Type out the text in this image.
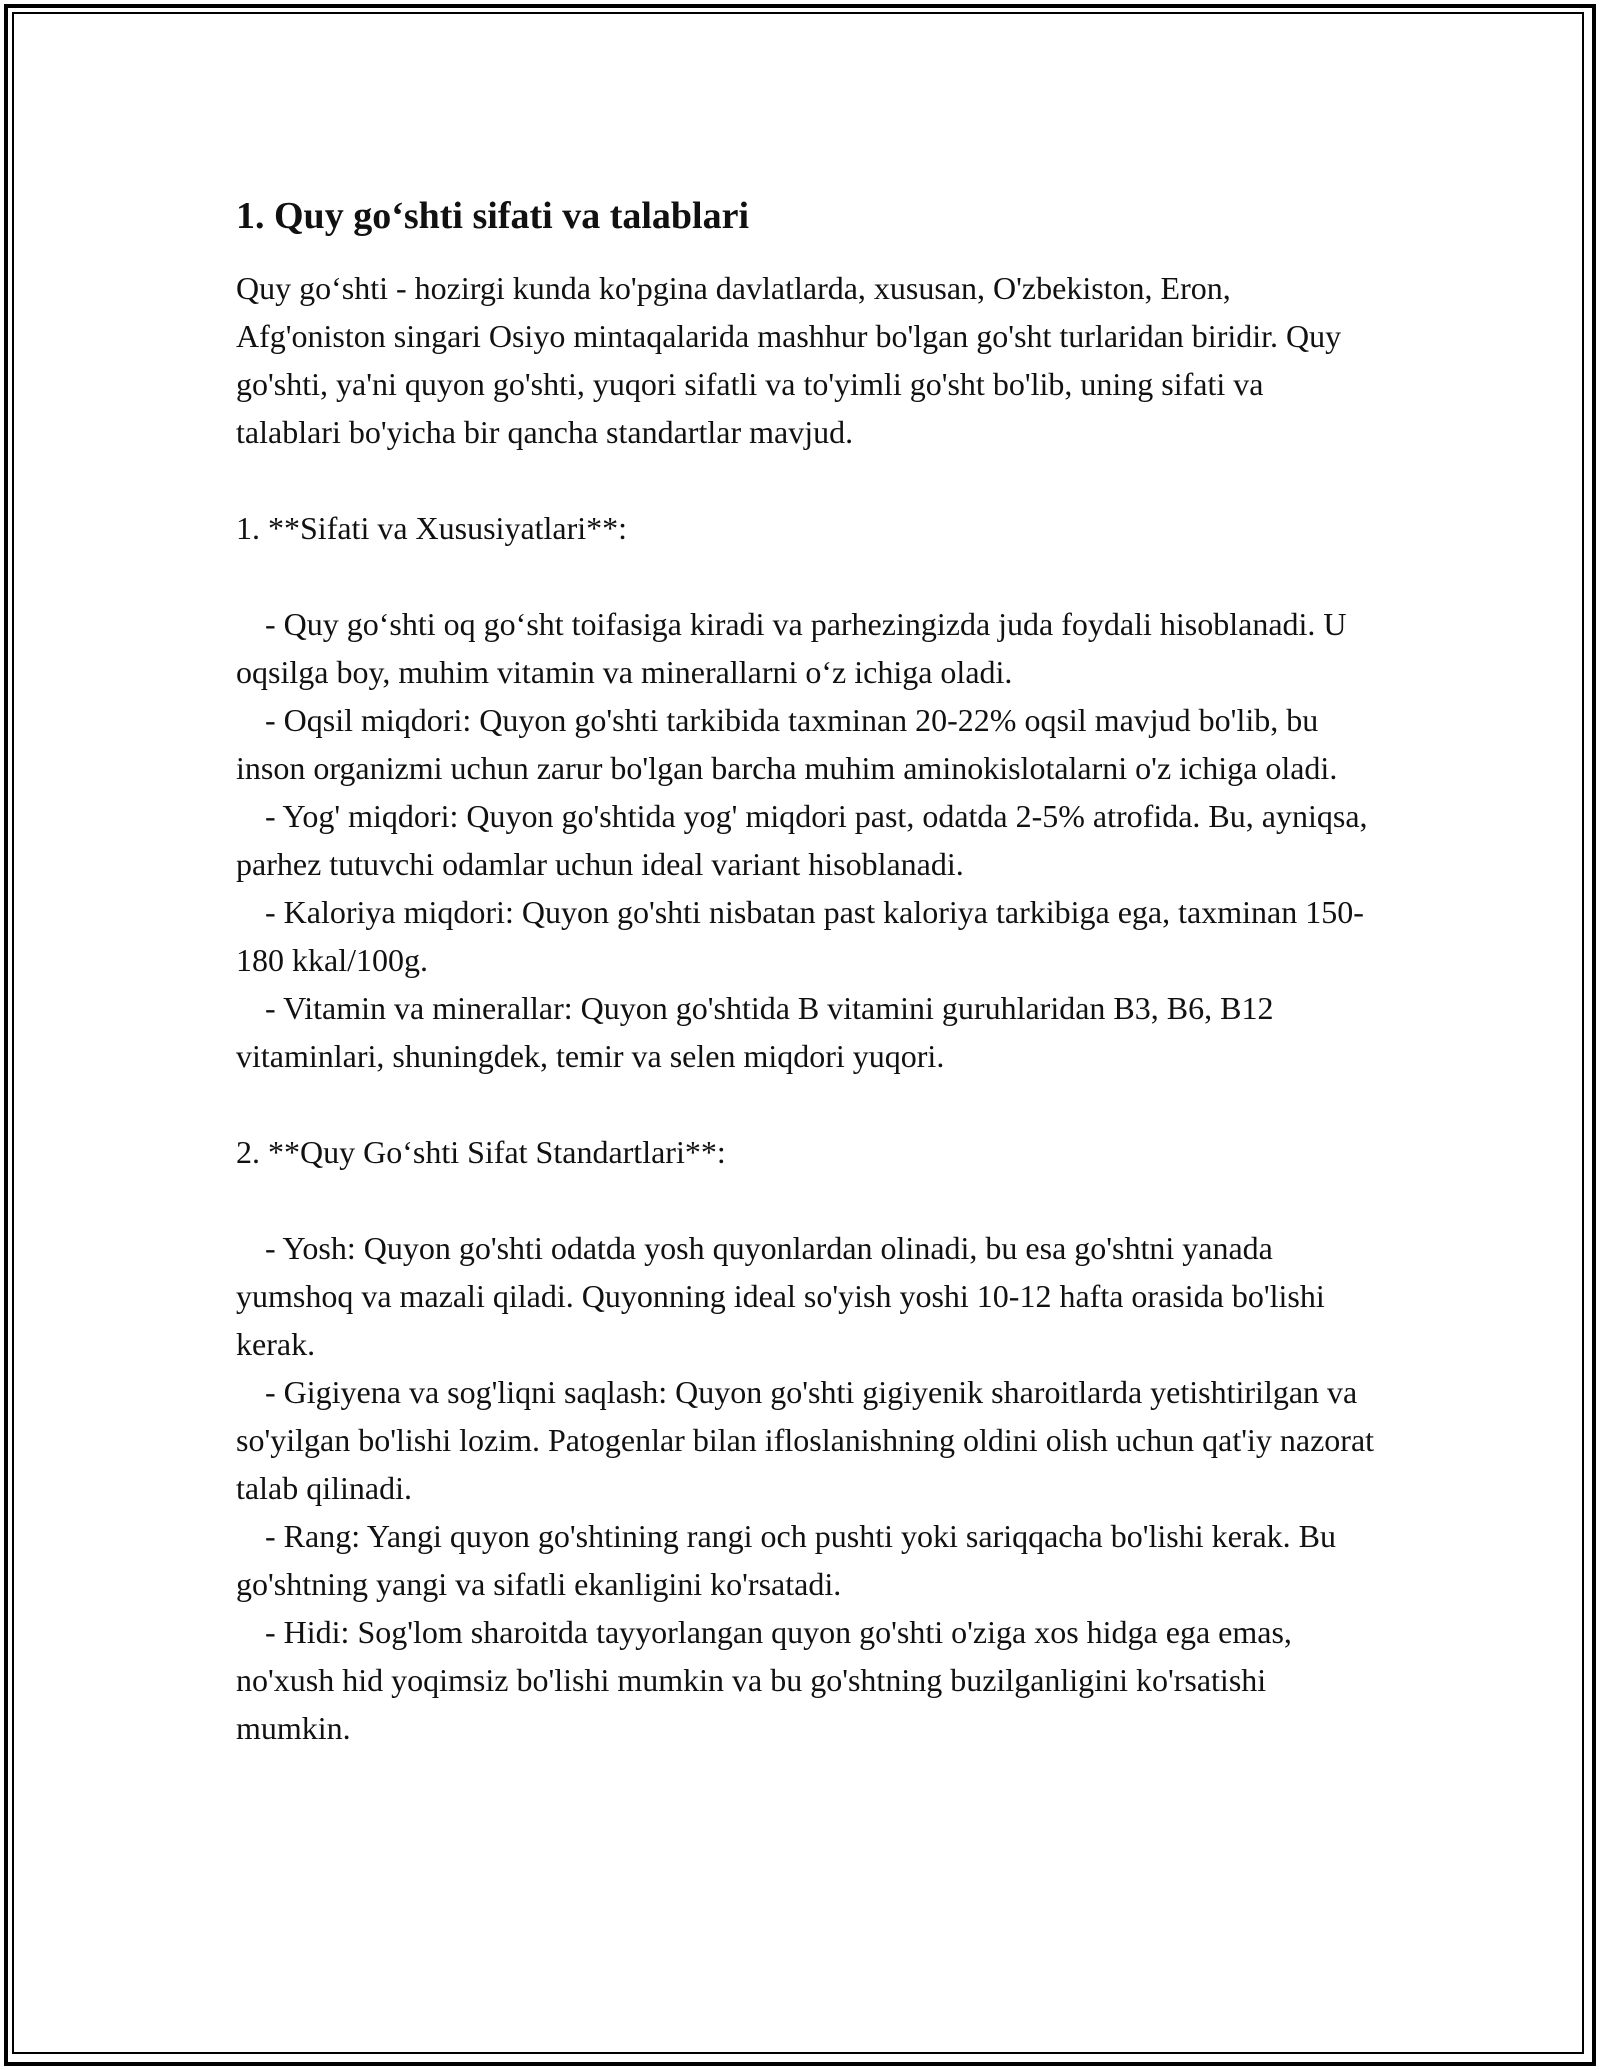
1. Quy go‘shti sifati va talablari

Quy go‘shti - hozirgi kunda ko'pgina davlatlarda, xususan, O'zbekiston, Eron, Afg'oniston singari Osiyo mintaqalarida mashhur bo'lgan go'sht turlaridan biridir. Quy go'shti, ya'ni quyon go'shti, yuqori sifatli va to'yimli go'sht bo'lib, uning sifati va talablari bo'yicha bir qancha standartlar mavjud.

1. **Sifati va Xususiyatlari**:

- Quy go‘shti oq go‘sht toifasiga kiradi va parhezingizda juda foydali hisoblanadi. U oqsilga boy, muhim vitamin va minerallarni o‘z ichiga oladi.

- Oqsil miqdori: Quyon go'shti tarkibida taxminan 20-22% oqsil mavjud bo'lib, bu inson organizmi uchun zarur bo'lgan barcha muhim aminokislotalarni o'z ichiga oladi.

- Yog' miqdori: Quyon go'shtida yog' miqdori past, odatda 2-5% atrofida. Bu, ayniqsa, parhez tutuvchi odamlar uchun ideal variant hisoblanadi.

- Kaloriya miqdori: Quyon go'shti nisbatan past kaloriya tarkibiga ega, taxminan 150-180 kkal/100g.

- Vitamin va minerallar: Quyon go'shtida B vitamini guruhlaridan B3, B6, B12 vitaminlari, shuningdek, temir va selen miqdori yuqori.

2. **Quy Go‘shti Sifat Standartlari**:

- Yosh: Quyon go'shti odatda yosh quyonlardan olinadi, bu esa go'shtni yanada yumshoq va mazali qiladi. Quyonning ideal so'yish yoshi 10-12 hafta orasida bo'lishi kerak.

- Gigiyena va sog'liqni saqlash: Quyon go'shti gigiyenik sharoitlarda yetishtirilgan va so'yilgan bo'lishi lozim. Patogenlar bilan ifloslanishning oldini olish uchun qat'iy nazorat talab qilinadi.

- Rang: Yangi quyon go'shtining rangi och pushti yoki sariqqacha bo'lishi kerak. Bu go'shtning yangi va sifatli ekanligini ko'rsatadi.

- Hidi: Sog'lom sharoitda tayyorlangan quyon go'shti o'ziga xos hidga ega emas, no'xush hid yoqimsiz bo'lishi mumkin va bu go'shtning buzilganligini ko'rsatishi mumkin.
